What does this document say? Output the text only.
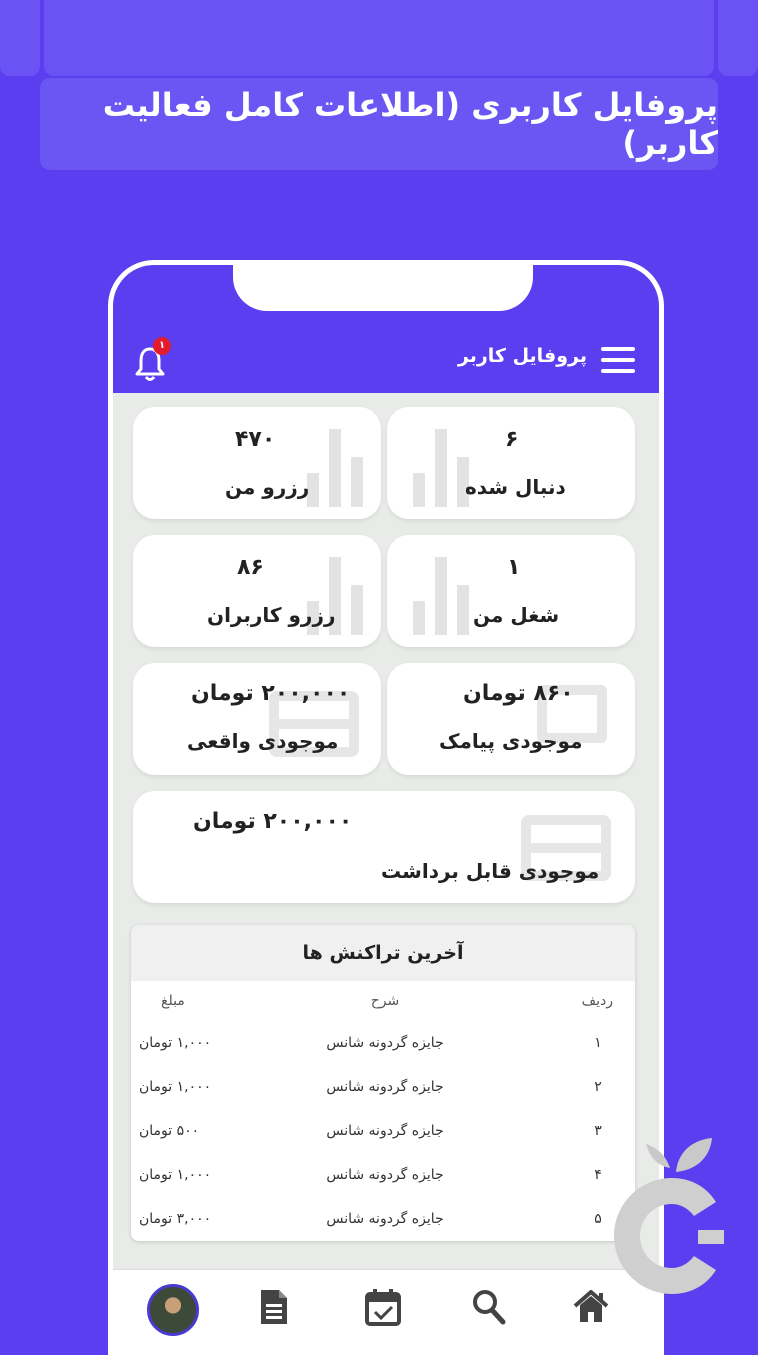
پروفایل کاربری (اطلاعات کامل فعالیت کاربر)
پروفایل کاربر
۱
۶
دنبال شده
۴۷۰
رزرو من
۱
شغل من
۸۶
رزرو کاربران
۸۶۰ تومان
موجودی پیامک
۲۰۰,۰۰۰ تومان
موجودی واقعی
۲۰۰,۰۰۰ تومان
موجودی قابل برداشت
آخرین تراکنش ها
ردیف
شرح
مبلغ
۱
جایزه گردونه شانس
۱,۰۰۰ تومان
۲
جایزه گردونه شانس
۱,۰۰۰ تومان
۳
جایزه گردونه شانس
۵۰۰ تومان
۴
جایزه گردونه شانس
۱,۰۰۰ تومان
۵
جایزه گردونه شانس
۳,۰۰۰ تومان
